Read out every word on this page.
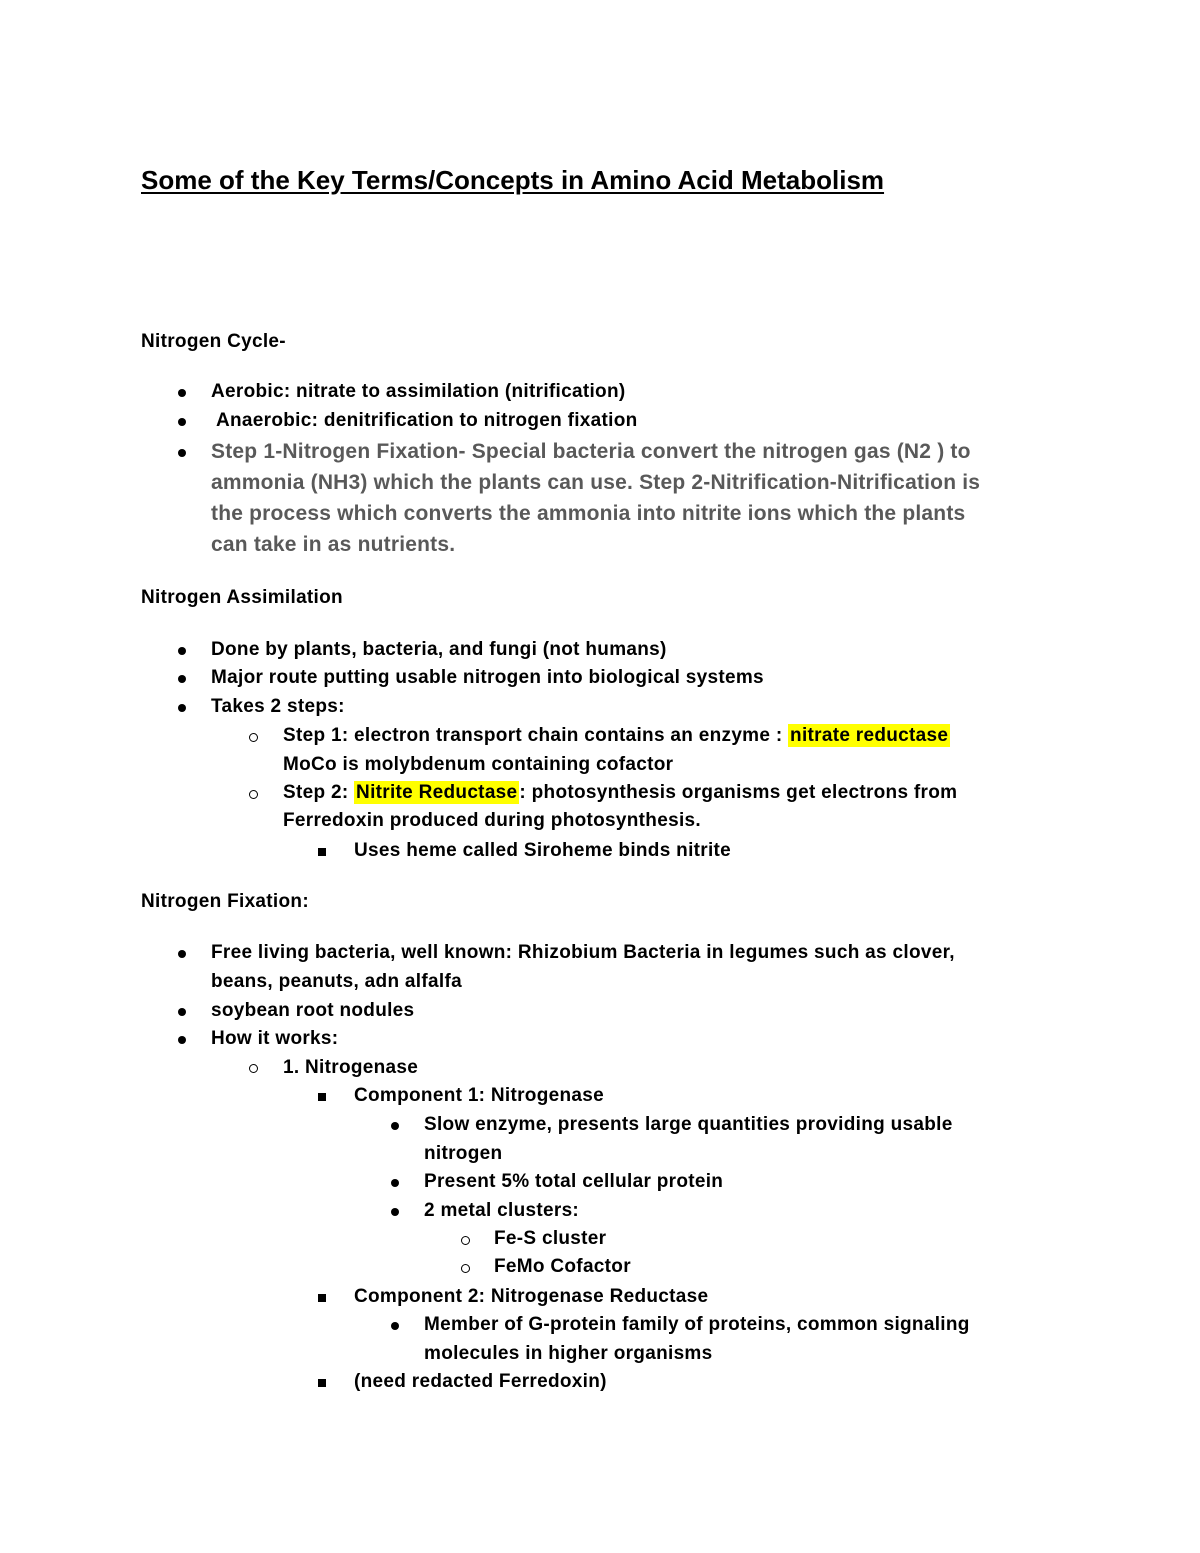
Some of the Key Terms/Concepts in Amino Acid Metabolism

Nitrogen Cycle-

Aerobic: nitrate to assimilation (nitrification)

Anaerobic: denitrification to nitrogen fixation

Step 1-Nitrogen Fixation- Special bacteria convert the nitrogen gas (N2 ) to

ammonia (NH3) which the plants can use. Step 2-Nitrification-Nitrification is

the process which converts the ammonia into nitrite ions which the plants

can take in as nutrients.

Nitrogen Assimilation

Done by plants, bacteria, and fungi (not humans)

Major route putting usable nitrogen into biological systems

Takes 2 steps:

Step 1: electron transport chain contains an enzyme : nitrate reductase

MoCo is molybdenum containing cofactor

Step 2: Nitrite Reductase : photosynthesis organisms get electrons from

Ferredoxin produced during photosynthesis.

Uses heme called Siroheme binds nitrite

Nitrogen Fixation:

Free living bacteria, well known: Rhizobium Bacteria in legumes such as clover,

beans, peanuts, adn alfalfa

soybean root nodules

How it works:

1. Nitrogenase

Component 1: Nitrogenase

Slow enzyme, presents large quantities providing usable

nitrogen

Present 5% total cellular protein

2 metal clusters:

Fe-S cluster

FeMo Cofactor

Component 2: Nitrogenase Reductase

Member of G-protein family of proteins, common signaling

molecules in higher organisms

(need redacted Ferredoxin)
